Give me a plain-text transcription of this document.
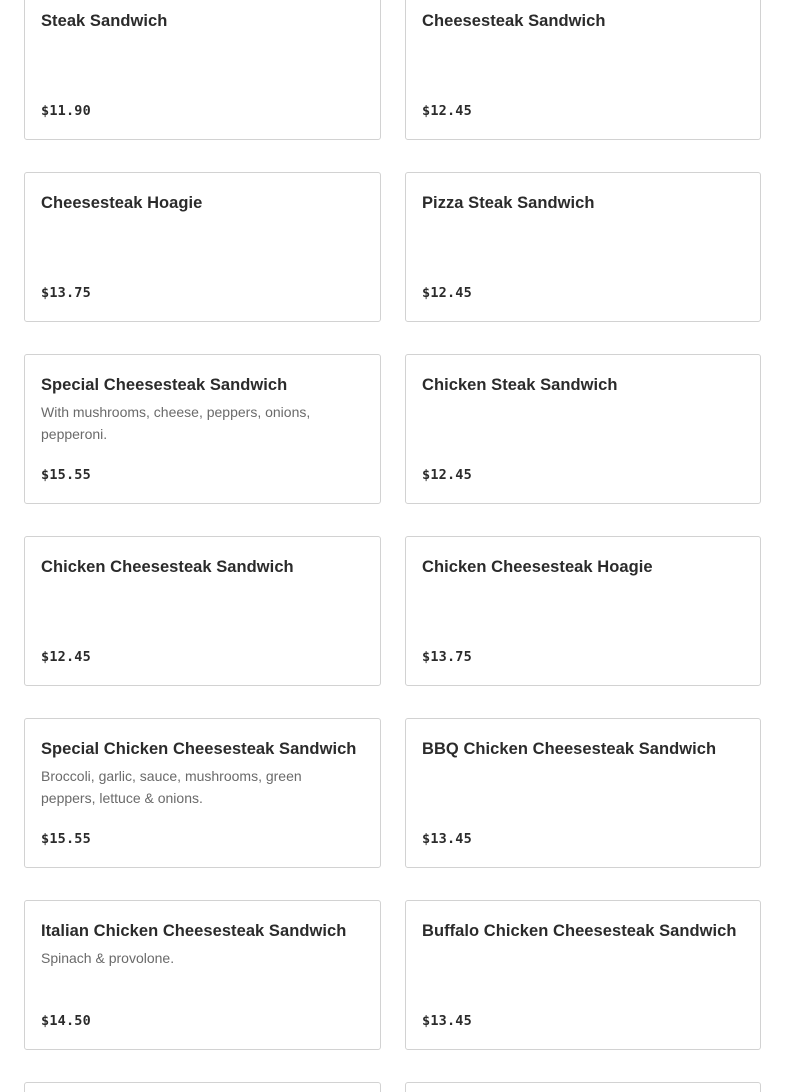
Steak Sandwich
$11.90
Cheesesteak Sandwich
$12.45
Cheesesteak Hoagie
$13.75
Pizza Steak Sandwich
$12.45
Special Cheesesteak Sandwich
With mushrooms, cheese, peppers, onions, pepperoni.
$15.55
Chicken Steak Sandwich
$12.45
Chicken Cheesesteak Sandwich
$12.45
Chicken Cheesesteak Hoagie
$13.75
Special Chicken Cheesesteak Sandwich
Broccoli, garlic, sauce, mushrooms, green peppers, lettuce & onions.
$15.55
BBQ Chicken Cheesesteak Sandwich
$13.45
Italian Chicken Cheesesteak Sandwich
Spinach & provolone.
$14.50
Buffalo Chicken Cheesesteak Sandwich
$13.45
